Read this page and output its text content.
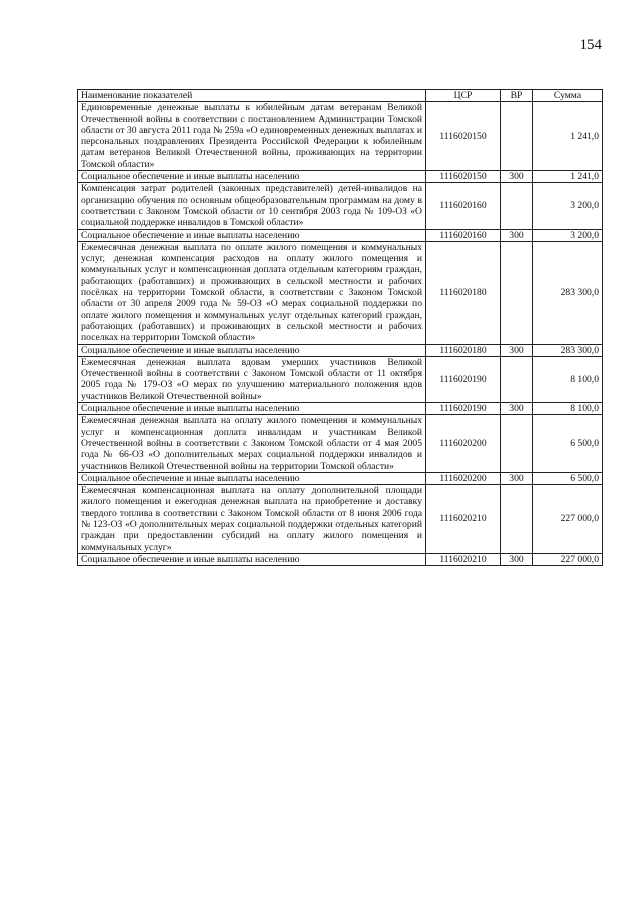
154
Наименование показателей	ЦСР	ВР	Сумма
Единовременные денежные выплаты к юбилейным датам ветеранам Великой Отечественной войны в соответствии с постановлением Администрации Томской области от 30 августа 2011 года № 259а «О единовременных денежных выплатах и персональных поздравлениях Президента Российской Федерации к юбилейным датам ветеранов Великой Отечественной войны, проживающих на территории Томской области»	1116020150		1 241,0
Социальное обеспечение и иные выплаты населению	1116020150	300	1 241,0
Компенсация затрат родителей (законных представителей) детей-инвалидов на организацию обучения по основным общеобразовательным программам на дому в соответствии с Законом Томской области от 10 сентября 2003 года № 109-ОЗ «О социальной поддержке инвалидов в Томской области»	1116020160		3 200,0
Социальное обеспечение и иные выплаты населению	1116020160	300	3 200,0
Ежемесячная денежная выплата по оплате жилого помещения и коммунальных услуг, денежная компенсация расходов на оплату жилого помещения и коммунальных услуг и компенсационная доплата отдельным категориям граждан, работающих (работавших) и проживающих в сельской местности и рабочих посёлках на территории Томской области, в соответствии с Законом Томской области от 30 апреля 2009 года № 59-ОЗ «О мерах социальной поддержки по оплате жилого помещения и коммунальных услуг отдельных категорий граждан, работающих (работавших) и проживающих в сельской местности и рабочих поселках на территории Томской области»	1116020180		283 300,0
Социальное обеспечение и иные выплаты населению	1116020180	300	283 300,0
Ежемесячная денежная выплата вдовам умерших участников Великой Отечественной войны в соответствии с Законом Томской области от 11 октября 2005 года № 179-ОЗ «О мерах по улучшению материального положения вдов участников Великой Отечественной войны»	1116020190		8 100,0
Социальное обеспечение и иные выплаты населению	1116020190	300	8 100,0
Ежемесячная денежная выплата на оплату жилого помещения и коммунальных услуг и компенсационная доплата инвалидам и участникам Великой Отечественной войны в соответствии с Законом Томской области от 4 мая 2005 года № 66-ОЗ «О дополнительных мерах социальной поддержки инвалидов и участников Великой Отечественной войны на территории Томской области»	1116020200		6 500,0
Социальное обеспечение и иные выплаты населению	1116020200	300	6 500,0
Ежемесячная компенсационная выплата на оплату дополнительной площади жилого помещения и ежегодная денежная выплата на приобретение и доставку твердого топлива в соответствии с Законом Томской области от 8 июня 2006 года № 123-ОЗ «О дополнительных мерах социальной поддержки отдельных категорий граждан при предоставлении субсидий на оплату жилого помещения и коммунальных услуг»	1116020210		227 000,0
Социальное обеспечение и иные выплаты населению	1116020210	300	227 000,0
